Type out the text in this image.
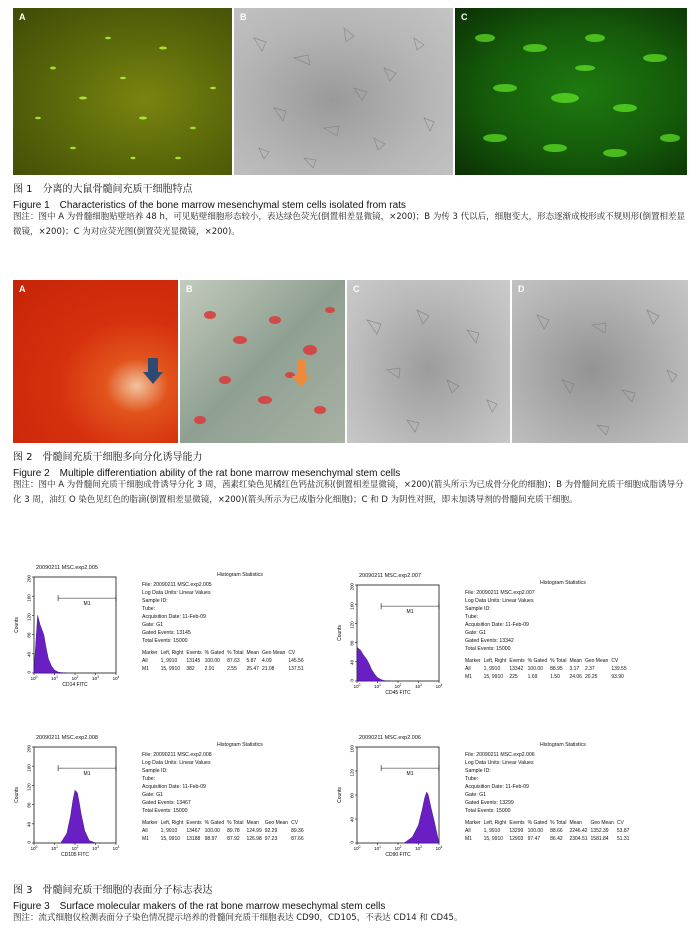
A	B	C
图 1　分离的大鼠骨髓间充质干细胞特点
Figure 1　Characteristics of the bone marrow mesenchymal stem cells isolated from rats
图注：图中 A 为骨髓细胞贴壁培养 48 h，可见贴壁细胞形态较小，表达绿色荧光(倒置相差显微镜，×200)；B 为传 3 代以后，细胞变大，形态逐渐成梭形或不规则形(倒置相差显微镜，×200)；C 为对应荧光图(倒置荧光显微镜，×200)。
A	B	C	D
图 2　骨髓间充质干细胞多向分化诱导能力
Figure 2　Multiple differentiation ability of the rat bone marrow mesenchymal stem cells
图注：图中 A 为骨髓间充质干细胞成骨诱导分化 3 周，茜素红染色见橘红色钙盐沉积(倒置相差显微镜，×200)(箭头所示为已成骨分化的细胞)；B 为骨髓间充质干细胞成脂诱导分化 3 周，油红 O 染色见红色的脂滴(倒置相差显微镜，×200)(箭头所示为已成脂分化细胞)；C 和 D 为阴性对照，即未加诱导剂的骨髓间充质干细胞。
20090211 MSC.exp2.005
0
40
80
120
160
200
Counts
$10^0$	$10^1$	$10^2$	$10^3$	$10^4$
CD14 FITC
M1
Histogram Statistics
File: 20090211 MSC.exp2.005
Log Data Units: Linear Values
Sample ID:
Tube:
Acquisition Date: 11-Feb-09
Gate: G1
Gated Events: 13145
Total Events: 15000
Marker	Left, Right	Events	% Gated	% Total	Mean	Geo Mean	CV
All	1, 9910	13145	100.00	87.63	5.87	4.09	145.56
M1	15, 9910	382	2.91	2.55	25.47	21.08	137.51
20090211 MSC.exp2.007
0
40
80
120
160
200
Counts
$10^0$	$10^1$	$10^2$	$10^3$	$10^4$
CD45 FITC
M1
Histogram Statistics
File: 20090211 MSC.exp2.007
Log Data Units: Linear Values
Sample ID:
Tube:
Acquisition Date: 11-Feb-09
Gate: G1
Gated Events: 13342
Total Events: 15000
Marker	Left, Right	Events	% Gated	% Total	Mean	Geo Mean	CV
All	1, 9910	13342	100.00	88.95	3.17	2.37	139.55
M1	15, 9910	225	1.69	1.50	24.06	20.25	93.90
20090211 MSC.exp2.008
0
40
80
120
160
200
Counts
$10^0$	$10^1$	$10^2$	$10^3$	$10^4$
CD105 FITC
M1
Histogram Statistics
File: 20090211 MSC.exp2.008
Log Data Units: Linear Values
Sample ID:
Tube:
Acquisition Date: 11-Feb-09
Gate: G1
Gated Events: 13467
Total Events: 15000
Marker	Left, Right	Events	% Gated	% Total	Mean	Geo Mean	CV
All	1, 9910	13467	100.00	89.78	124.99	92.29	89.36
M1	15, 9910	13188	98.97	87.92	126.98	97.23	87.66
20090211 MSC.exp2.006
0
40
80
120
160
Counts
$10^0$	$10^1$	$10^2$	$10^3$	$10^4$
CD90 FITC
M1
Histogram Statistics
File: 20090211 MSC.exp2.006
Log Data Units: Linear Values
Sample ID:
Tube:
Acquisition Date: 11-Feb-09
Gate: G1
Gated Events: 13299
Total Events: 15000
Marker	Left, Right	Events	% Gated	% Total	Mean	Geo Mean	CV
All	1, 9910	13299	100.00	88.66	2246.42	1352.39	53.87
M1	15, 9910	12903	97.47	86.42	2304.51	1581.84	51.31
图 3　骨髓间充质干细胞的表面分子标志表达
Figure 3　Surface molecular makers of the rat bone marrow mesechymal stem cells
图注：流式细胞仪检测表面分子染色情况提示培养的骨髓间充质干细胞表达 CD90，CD105，不表达 CD14 和 CD45。
